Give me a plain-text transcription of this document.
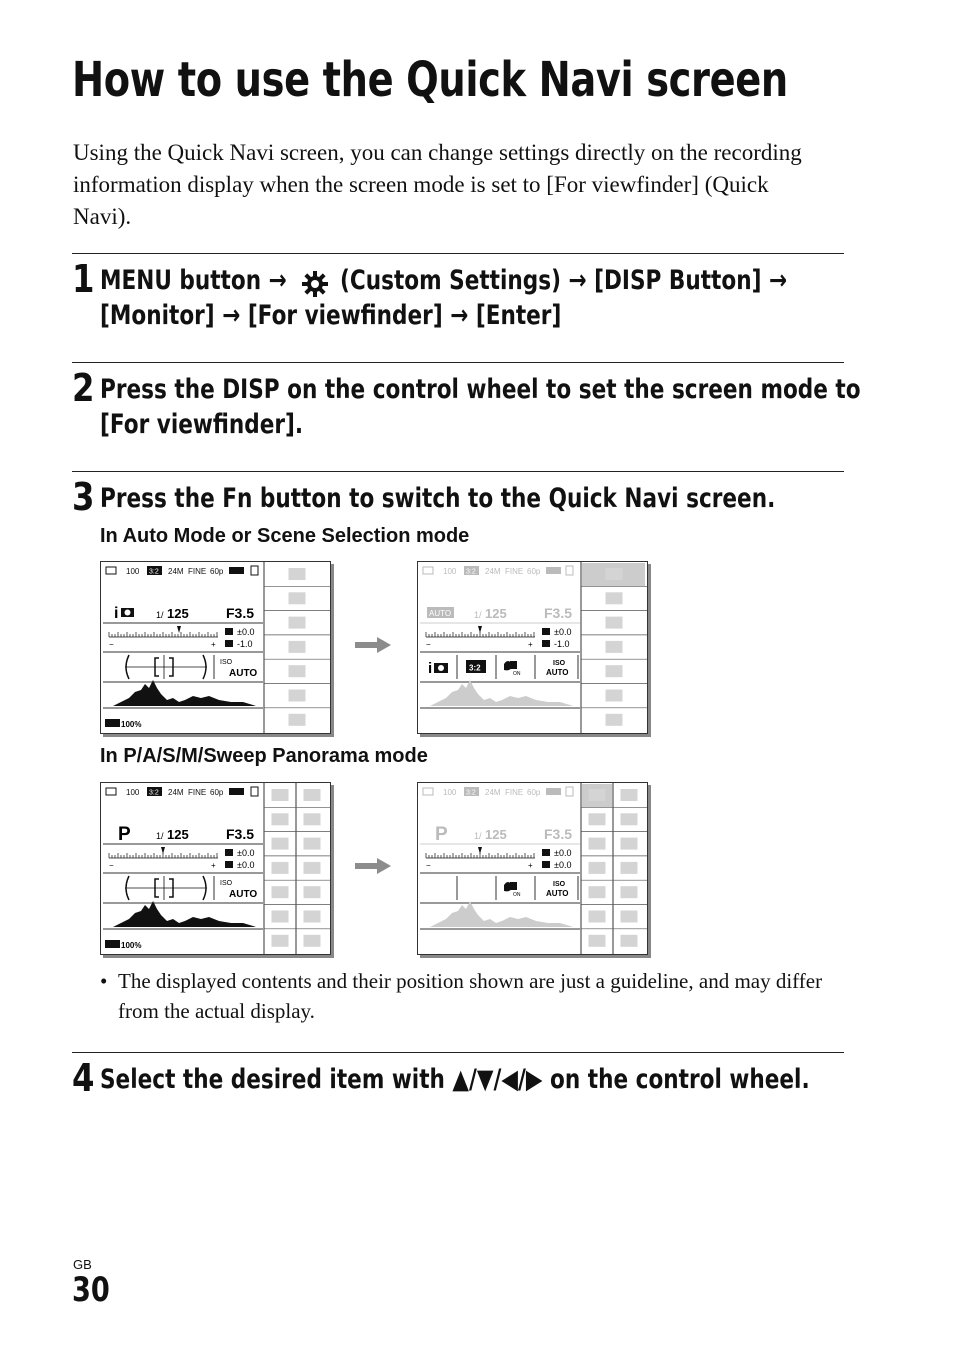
How to use the Quick Navi screen
Using the Quick Navi screen, you can change settings directly on the recording information display when the screen mode is set to [For viewfinder] (Quick Navi).
1 MENU button → (Custom Settings) → [DISP Button] →
[Monitor] → [For viewfinder] → [Enter]
2 Press the DISP on the control wheel to set the screen mode to
[For viewfinder].
3 Press the Fn button to switch to the Quick Navi screen.
In Auto Mode or Scene Selection mode
100 3:2 24M FINE 60p
i	1/ 125	F3.5
−	+
±0.0
-1.0
ISO
AUTO
100%
100 3:2 24M FINE 60p
AUTO	1/ 125	F3.5
−	+
±0.0
-1.0
i	3:2
ON
ISO
AUTO
In P/A/S/M/Sweep Panorama mode
100 3:2 24M FINE 60p
P	1/ 125	F3.5
−	+
±0.0
±0.0
ISO
AUTO
100%
100 3:2 24M FINE 60p
P	1/ 125	F3.5
−	+
±0.0
±0.0
ON
ISO
AUTO
• The displayed contents and their position shown are just a guideline, and may differ from the actual display.
4 Select the desired item with ▲/▼/◀/▶ on the control wheel.
GB
30
